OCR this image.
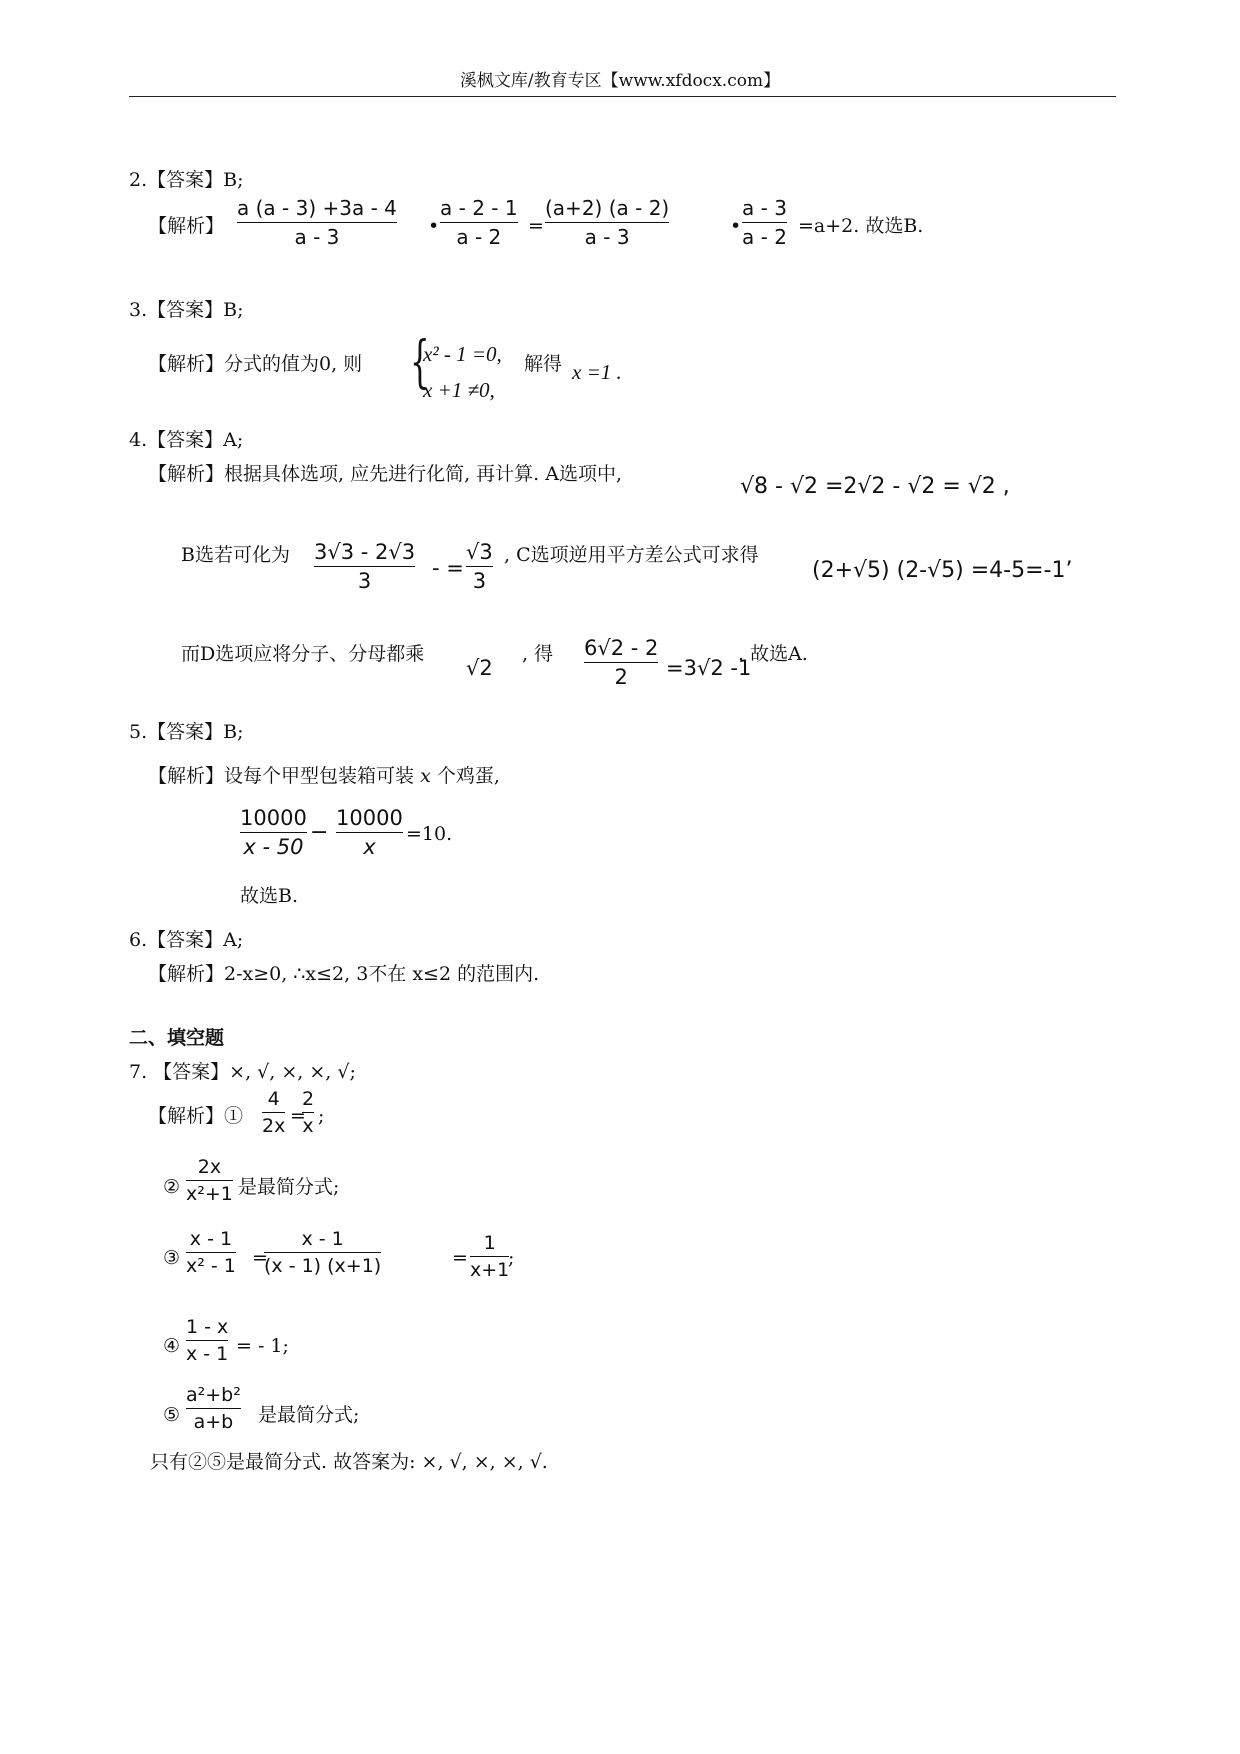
溪枫文库/教育专区【www.xfdocx.com】
2.【答案】B;
【解析】
a (a - 3) +3a - 4
a - 3	•
a - 2 - 1
a - 2	=
(a+2) (a - 2)
a - 3	•
a - 3
a - 2 =a+2. 故选B.
3.【答案】B;
【解析】分式的值为0, 则 {
x² - 1 =0,
x +1 ≠0,
解得 x =1 .
4.【答案】A;
【解析】根据具体选项, 应先进行化简, 再计算. A选项中,	√8 - √2 =2√2 - √2 = √2 ,
B选若可化为 3√3 - 2√3
3
- =
√3
3
, C选项逆用平方差公式可求得
(2+√5) (2-√5) =4-5=-1’
而D选项应将分子、分母都乘
√2
, 得 6√2 - 2
2	=3√2 -1
. 故选A.
5.【答案】B;
【解析】设每个甲型包装箱可装 x 个鸡蛋,
10000
x - 50
−
10000
x
=10.
故选B.
6.【答案】A;
【解析】2-x≥0, ∴x≤2, 3不在 x≤2 的范围内.
二、填空题
7. 【答案】×, √, ×, ×, √;
【解析】①
4
2x =
2
x ;
②
2x
x²+1 是最简分式;
③
x - 1
x² - 1 =
x - 1
(x - 1) (x+1)	=
1
x+1
;
④
1 - x
x - 1 = - 1;
⑤
a²+b²
a+b	是最简分式;
只有②⑤是最简分式. 故答案为: ×, √, ×, ×, √.
